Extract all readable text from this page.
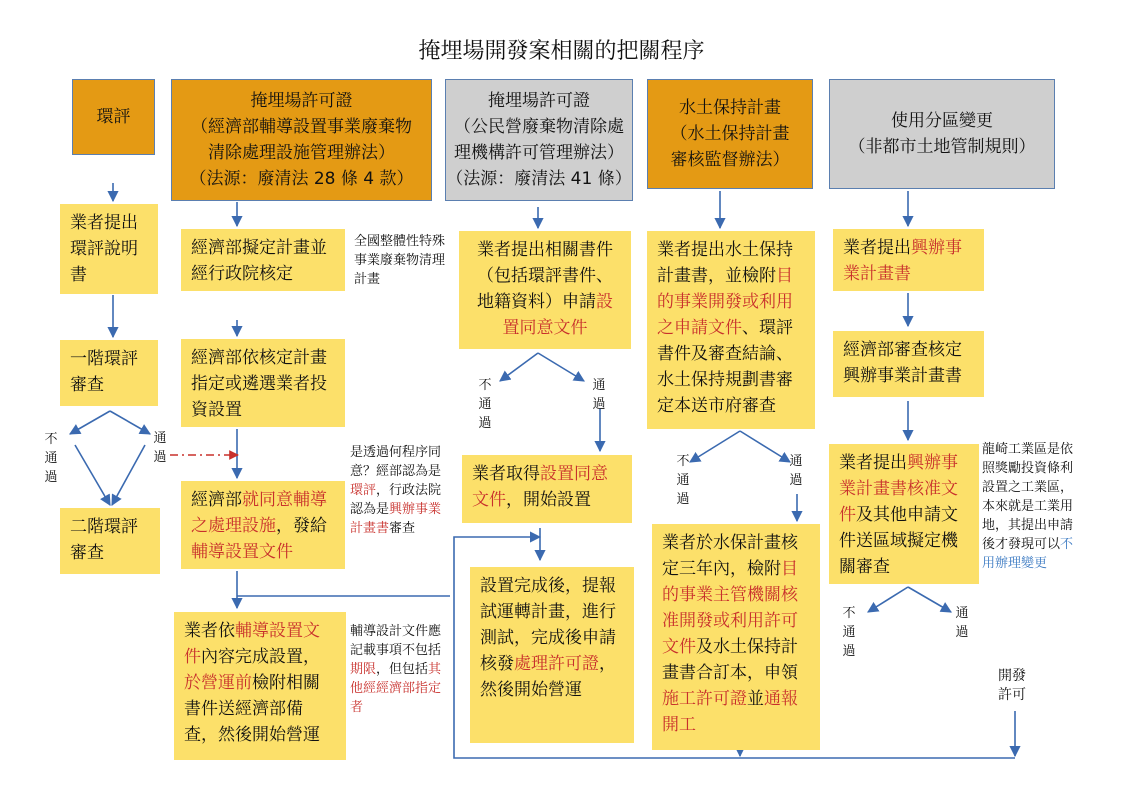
掩埋場開發案相關的把關程序
環評
掩埋場許可證
（經濟部輔導設置事業廢棄物
清除處理設施管理辦法）
（法源：廢清法 28 條 4 款）
掩埋場許可證
（公民營廢棄物清除處
理機構許可管理辦法）
（法源：廢清法 41 條）
水土保持計畫
（水土保持計畫
審核監督辦法）
使用分區變更
（非都市土地管制規則）
業者提出環評說明書
一階環評審查
二階環評審查
不通過
通過
經濟部擬定計畫並經行政院核定
全國整體性特殊事業廢棄物清理計畫
經濟部依核定計畫指定或遴選業者投資設置
經濟部就同意輔導之處理設施，發給輔導設置文件
是透過何程序同意？經部認為是環評，行政法院認為是興辦事業計畫書審查
業者依輔導設置文件內容完成設置，於營運前檢附相關書件送經濟部備查，然後開始營運
輔導設計文件應記載事項不包括期限，但包括其他經經濟部指定者
業者提出相關書件（包括環評書件、地籍資料）申請設置同意文件
不通過
通過
業者取得設置同意文件，開始設置
設置完成後，提報試運轉計畫，進行測試，完成後申請核發處理許可證，然後開始營運
業者提出水土保持計畫書，並檢附目的事業開發或利用之申請文件、環評書件及審查結論、水土保持規劃書審定本送市府審查
不通過
通過
業者於水保計畫核定三年內，檢附目的事業主管機關核准開發或利用許可文件及水土保持計畫書合訂本，申領施工許可證並通報開工
業者提出興辦事業計畫書
經濟部審查核定興辦事業計畫書
業者提出興辦事業計畫書核准文件及其他申請文件送區域擬定機關審查
龍崎工業區是依照獎勵投資條利設置之工業區，本來就是工業用地，其提出申請後才發現可以不用辦理變更
不通過
通過
開發許可
